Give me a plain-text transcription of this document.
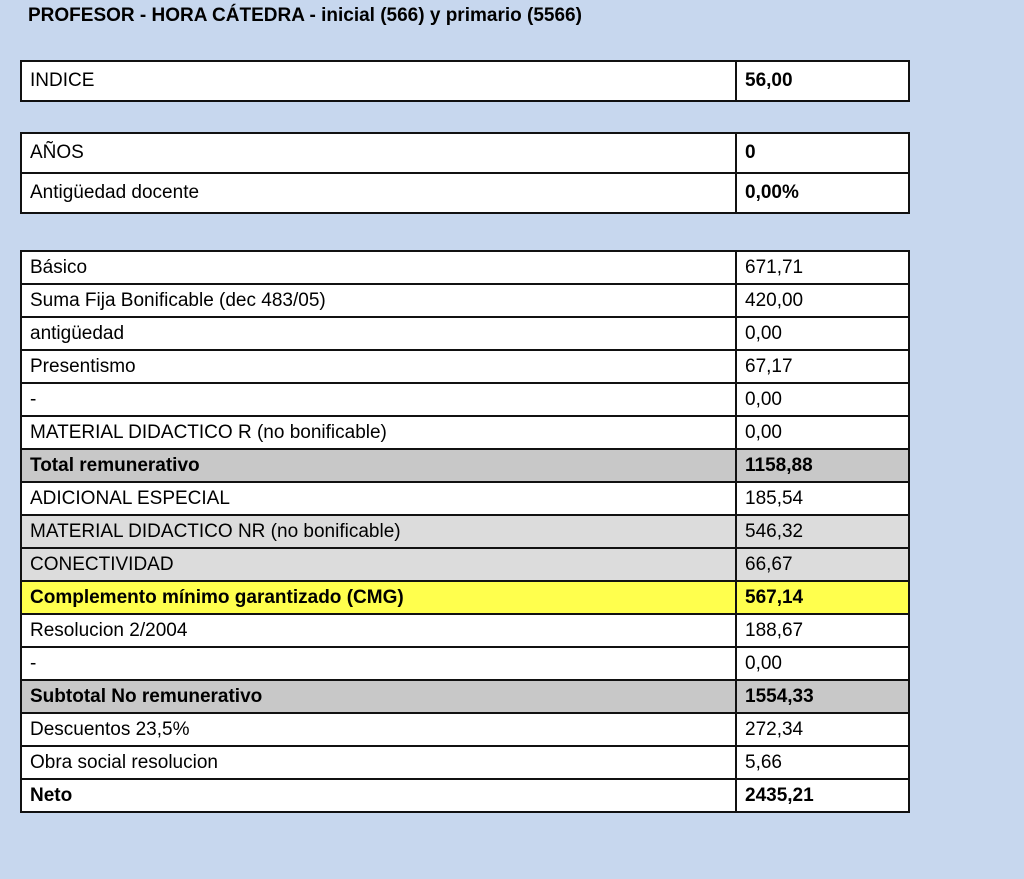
PROFESOR - HORA CÁTEDRA - inicial (566) y primario (5566)
INDICE	56,00
AÑOS	0
Antigüedad docente	0,00%
Básico	671,71
Suma Fija Bonificable (dec 483/05)	420,00
antigüedad	0,00
Presentismo	67,17
-	0,00
MATERIAL DIDACTICO R (no bonificable)	0,00
Total remunerativo	1158,88
ADICIONAL ESPECIAL	185,54
MATERIAL DIDACTICO NR (no bonificable)	546,32
CONECTIVIDAD	66,67
Complemento mínimo garantizado (CMG)	567,14
Resolucion 2/2004	188,67
-	0,00
Subtotal No remunerativo	1554,33
Descuentos 23,5%	272,34
Obra social resolucion	5,66
Neto	2435,21
